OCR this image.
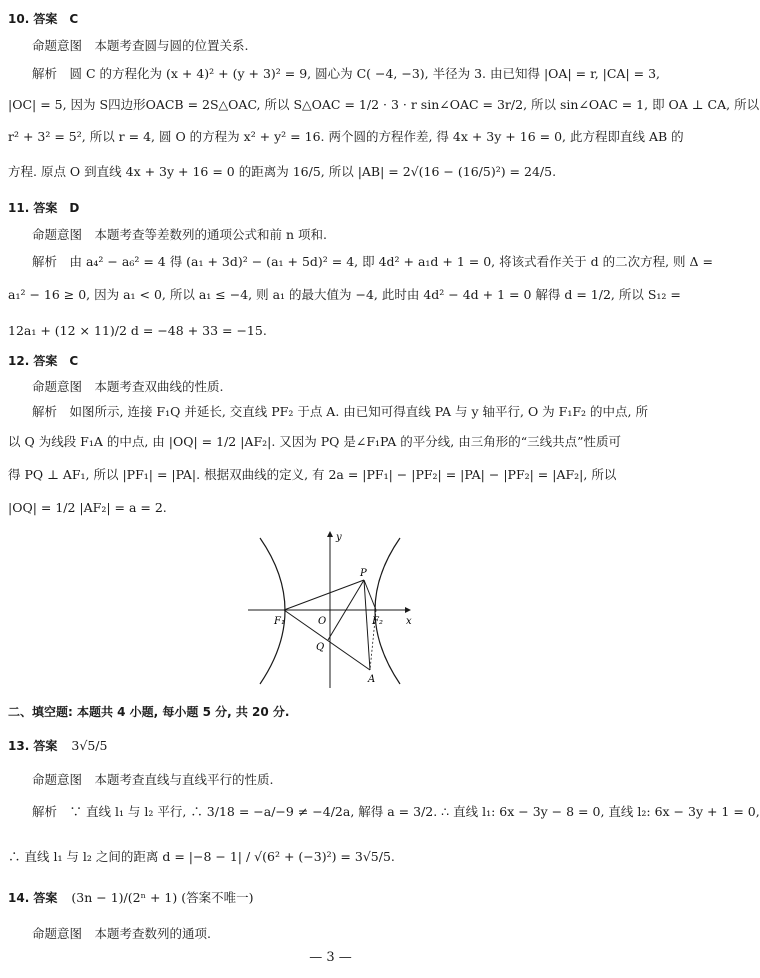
10. 答案　C
命题意图　本题考查圆与圆的位置关系.
解析　圆 C 的方程化为 (x + 4)² + (y + 3)² = 9, 圆心为 C( −4, −3), 半径为 3. 由已知得 |OA| = r, |CA| = 3,
|OC| = 5, 因为 S四边形OACB = 2S△OAC, 所以 S△OAC = 1/2 · 3 · r sin∠OAC = 3r/2, 所以 sin∠OAC = 1, 即 OA ⊥ CA, 所以
r² + 3² = 5², 所以 r = 4, 圆 O 的方程为 x² + y² = 16. 两个圆的方程作差, 得 4x + 3y + 16 = 0, 此方程即直线 AB 的
方程. 原点 O 到直线 4x + 3y + 16 = 0 的距离为 16/5, 所以 |AB| = 2√(16 − (16/5)²) = 24/5.
11. 答案　D
命题意图　本题考查等差数列的通项公式和前 n 项和.
解析　由 a₄² − a₆² = 4 得 (a₁ + 3d)² − (a₁ + 5d)² = 4, 即 4d² + a₁d + 1 = 0, 将该式看作关于 d 的二次方程, 则 Δ =
a₁² − 16 ≥ 0, 因为 a₁ < 0, 所以 a₁ ≤ −4, 则 a₁ 的最大值为 −4, 此时由 4d² − 4d + 1 = 0 解得 d = 1/2, 所以 S₁₂ =
12a₁ + (12 × 11)/2 d = −48 + 33 = −15.
12. 答案　C
命题意图　本题考查双曲线的性质.
解析　如图所示, 连接 F₁Q 并延长, 交直线 PF₂ 于点 A. 由已知可得直线 PA 与 y 轴平行, O 为 F₁F₂ 的中点, 所
以 Q 为线段 F₁A 的中点, 由 |OQ| = 1/2 |AF₂|. 又因为 PQ 是∠F₁PA 的平分线, 由三角形的“三线共点”性质可
得 PQ ⊥ AF₁, 所以 |PF₁| = |PA|. 根据双曲线的定义, 有 2a = |PF₁| − |PF₂| = |PA| − |PF₂| = |AF₂|, 所以
|OQ| = 1/2 |AF₂| = a = 2.
x
y
O
P
Q
A
F₁	F₂
二、填空题: 本题共 4 小题, 每小题 5 分, 共 20 分.
13. 答案 3√5/5
命题意图　本题考查直线与直线平行的性质.
解析　∵ 直线 l₁ 与 l₂ 平行, ∴ 3/18 = −a/−9 ≠ −4/2a, 解得 a = 3/2. ∴ 直线 l₁: 6x − 3y − 8 = 0, 直线 l₂: 6x − 3y + 1 = 0,
∴ 直线 l₁ 与 l₂ 之间的距离 d = |−8 − 1| / √(6² + (−3)²) = 3√5/5.
14. 答案 (3n − 1)/(2ⁿ + 1) (答案不唯一)
命题意图　本题考查数列的通项.
— 3 —
